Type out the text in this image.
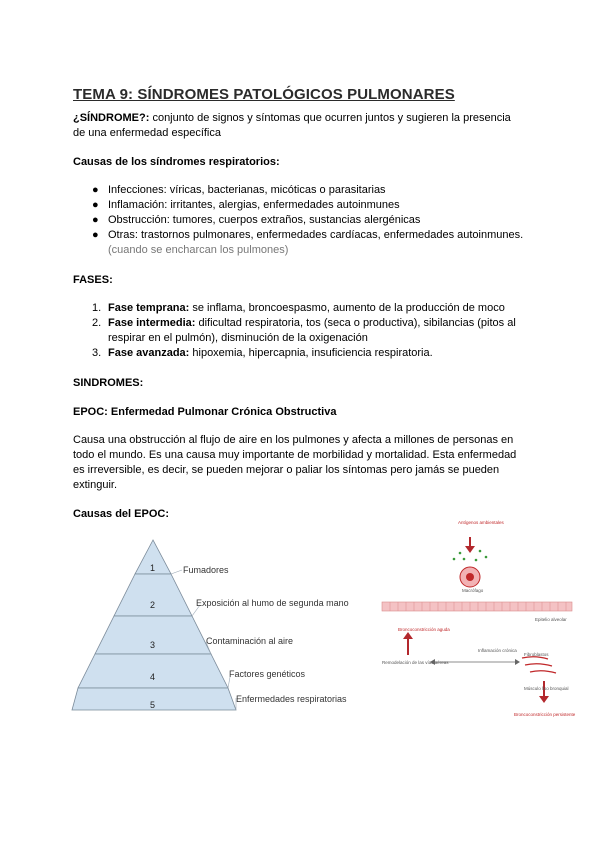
TEMA 9: SÍNDROMES PATOLÓGICOS PULMONARES
¿SÍNDROME?: conjunto de signos y síntomas que ocurren juntos y sugieren la presencia
de una enfermedad específica
Causas de los síndromes respiratorios:
● Infecciones: víricas, bacterianas, micóticas o parasitarias
● Inflamación: irritantes, alergias, enfermedades autoinmunes
● Obstrucción: tumores, cuerpos extraños, sustancias alergénicas
● Otras: trastornos pulmonares, enfermedades cardíacas, enfermedades autoinmunes.
(cuando se encharcan los pulmones)
FASES:
1. Fase temprana: se inflama, broncoespasmo, aumento de la producción de moco
2. Fase intermedia: dificultad respiratoria, tos (seca o productiva), sibilancias (pitos al
respirar en el pulmón), disminución de la oxigenación
3. Fase avanzada: hipoxemia, hipercapnia, insuficiencia respiratoria.
SINDROMES:
EPOC: Enfermedad Pulmonar Crónica Obstructiva
Causa una obstrucción al flujo de aire en los pulmones y afecta a millones de personas en
todo el mundo. Es una causa muy importante de morbilidad y mortalidad. Esta enfermedad
es irreversible, es decir, se pueden mejorar o paliar los síntomas pero jamás se pueden
extinguir.
Causas del EPOC:
1
2
3
4
5
Fumadores
Exposición al humo de segunda mano
Contaminación al aire
Factores genéticos
Enfermedades respiratorias
Antígenos ambientales
Macrófago
Epitelio alveolar
Broncoconstricción aguda
Inflamación crónica
Remodelación de las vías aéreas
Fibroblastos
Músculo liso bronquial
Broncoconstricción persistente
